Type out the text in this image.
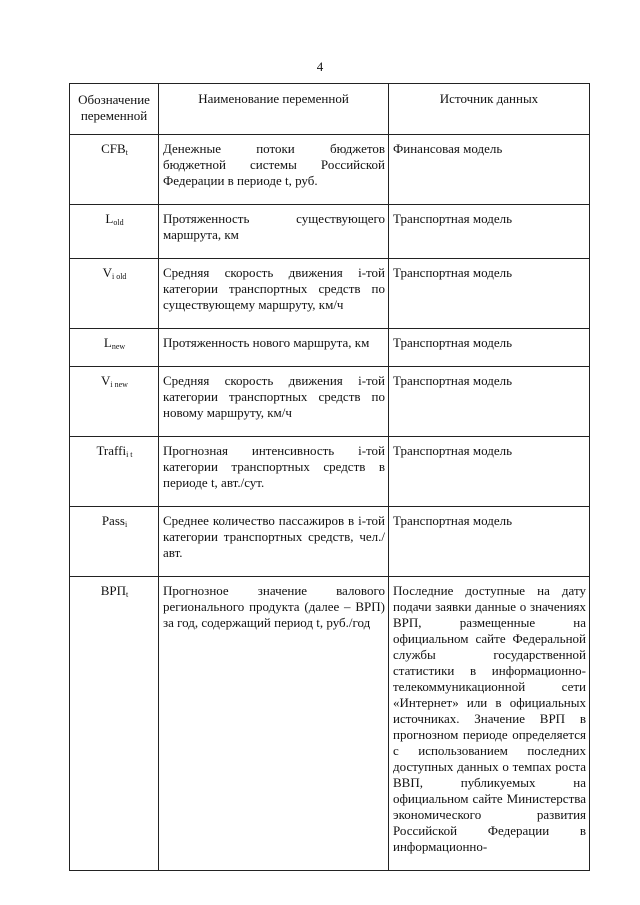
4
Обозначение переменной	Наименование переменной	Источник данных
$CFB_t$	Денежные потоки бюджетов бюджетной системы Российской Федерации в периоде t, руб.	Финансовая модель
$L_{old}$	Протяженность существующего маршрута, км	Транспортная модель
$V_{i old}$	Средняя скорость движения i-той категории транспортных средств по существующему маршруту, км/ч	Транспортная модель
$L_{new}$	Протяженность нового маршрута, км	Транспортная модель
$V_{i new}$	Средняя скорость движения i-той категории транспортных средств по новому маршруту, км/ч	Транспортная модель
Traffi$_{i t}$	Прогнозная интенсивность i-той категории транспортных средств в периоде t, авт./сут.	Транспортная модель
Pass$_i$	Среднее количество пассажиров в i-той категории транспортных средств, чел./авт.	Транспортная модель
$ВРП_t$	Прогнозное значение валового регионального продукта (далее – ВРП) за год, содержащий период t, руб./год	Последние доступные на дату подачи заявки данные о значениях ВРП, размещенные на официальном сайте Федеральной службы государственной статистики в информационно-телекоммуникационной сети «Интернет» или в официальных источниках. Значение ВРП в прогнозном периоде определяется с использованием последних доступных данных о темпах роста ВВП, публикуемых на официальном сайте Министерства экономического развития Российской Федерации в информационно-
